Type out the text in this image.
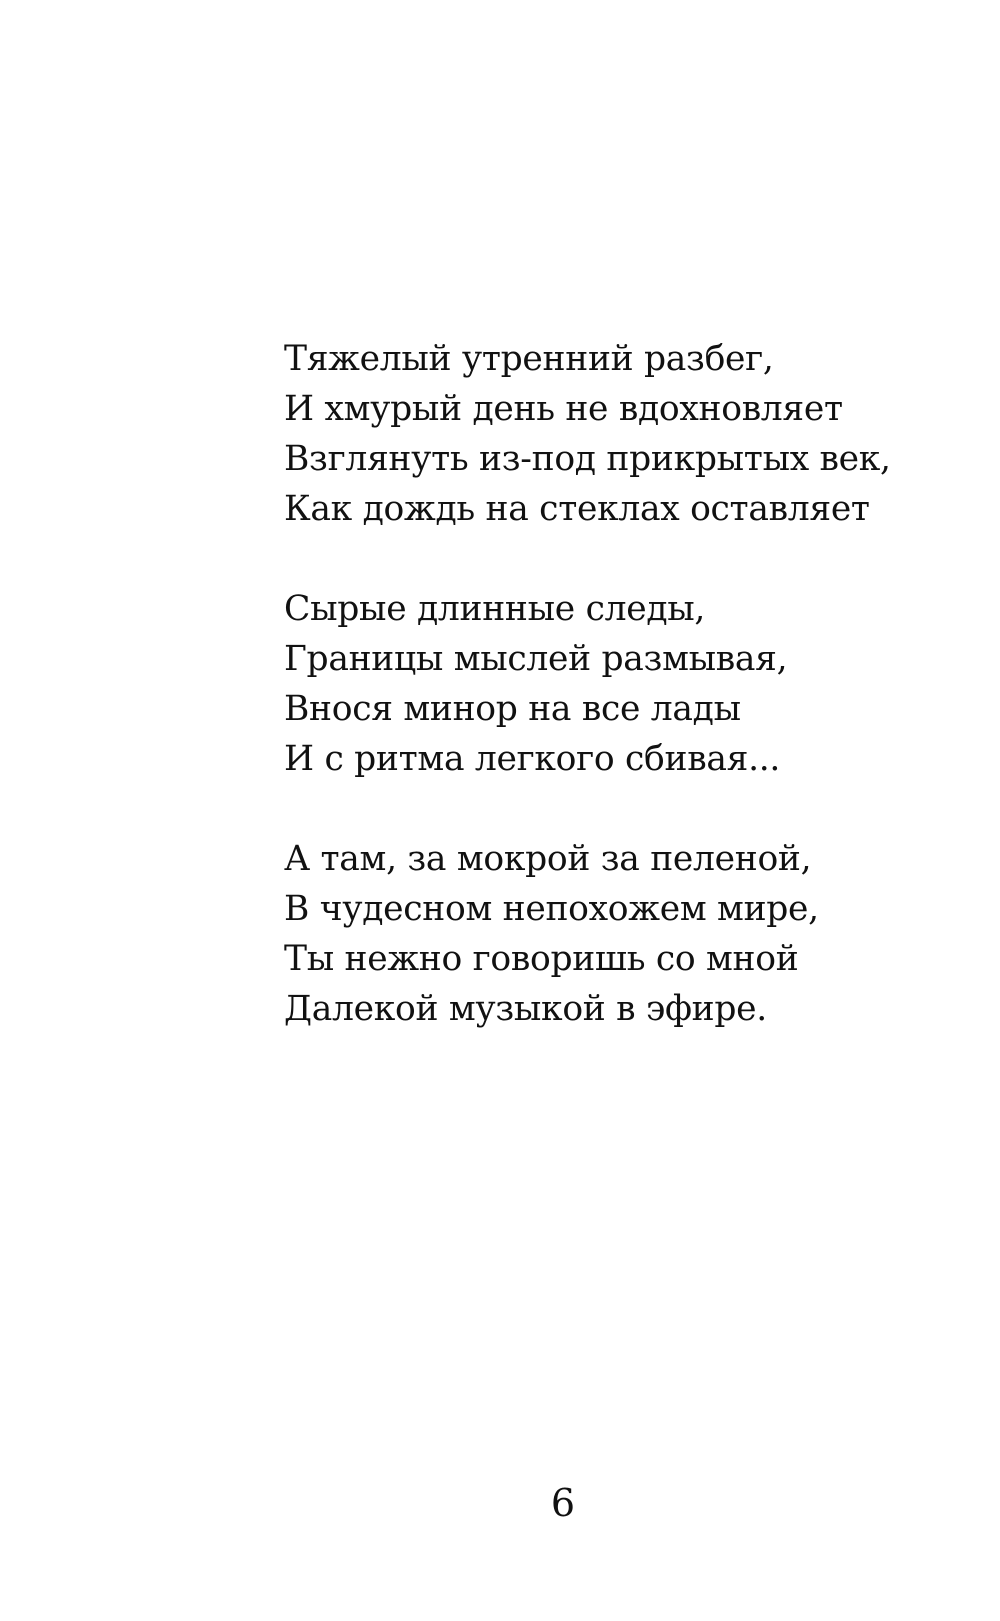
Тяжелый утренний разбег,
И хмурый день не вдохновляет
Взглянуть из-под прикрытых век,
Как дождь на стеклах оставляет
Сырые длинные следы,
Границы мыслей размывая,
Внося минор на все лады
И с ритма легкого сбивая...
А там, за мокрой за пеленой,
В чудесном непохожем мире,
Ты нежно говоришь со мной
Далекой музыкой в эфире.
6
